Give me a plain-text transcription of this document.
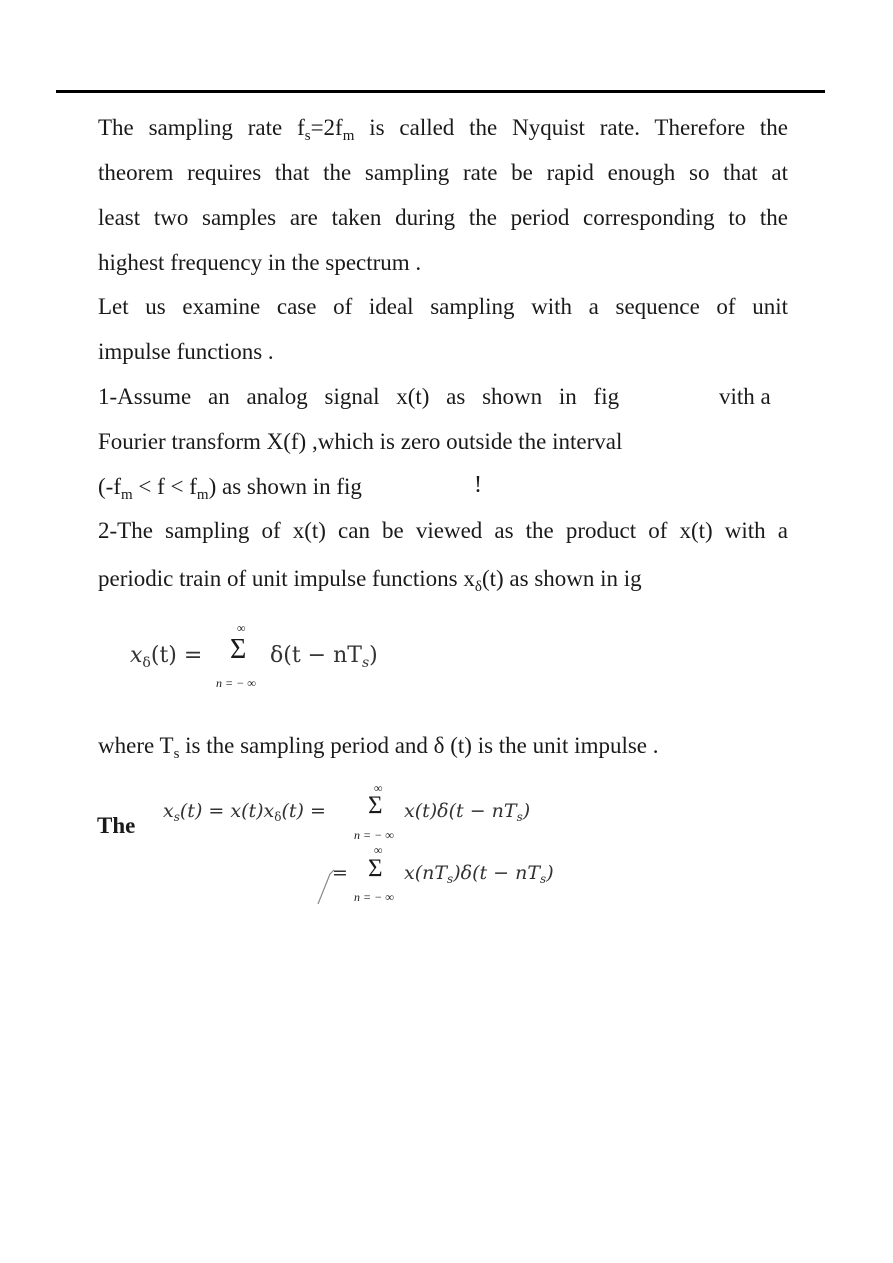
The sampling rate $f_s=2f_m$ is called the Nyquist rate. Therefore the
theorem requires that the sampling rate be rapid enough so that at
least two samples are taken during the period corresponding to the
highest frequency in the spectrum .
Let us examine case of ideal sampling with a sequence of unit
impulse functions .
1-Assume an analog signal x(t) as shown in fig	vith a
Fourier transform X(f) ,which is zero outside the interval
$(-f_m < f < f_m)$ as shown in fig	!
2-The sampling of x(t) can be viewed as the product of x(t) with a
periodic train of unit impulse functions $x_\delta(t)$ as shown in ig
$x_\delta(t)$ =
∞
Σ
n = − ∞
$\delta(t - nT_s)$
where $T_s$ is the sampling period and δ (t) is the unit impulse .
The
$x_s(t) = x(t)x_\delta(t)$ =
∞
Σ
n = − ∞
$x(t)\delta(t - nT_s)$
=
∞
Σ
n = − ∞
$x(nT_s)\delta(t - nT_s)$
